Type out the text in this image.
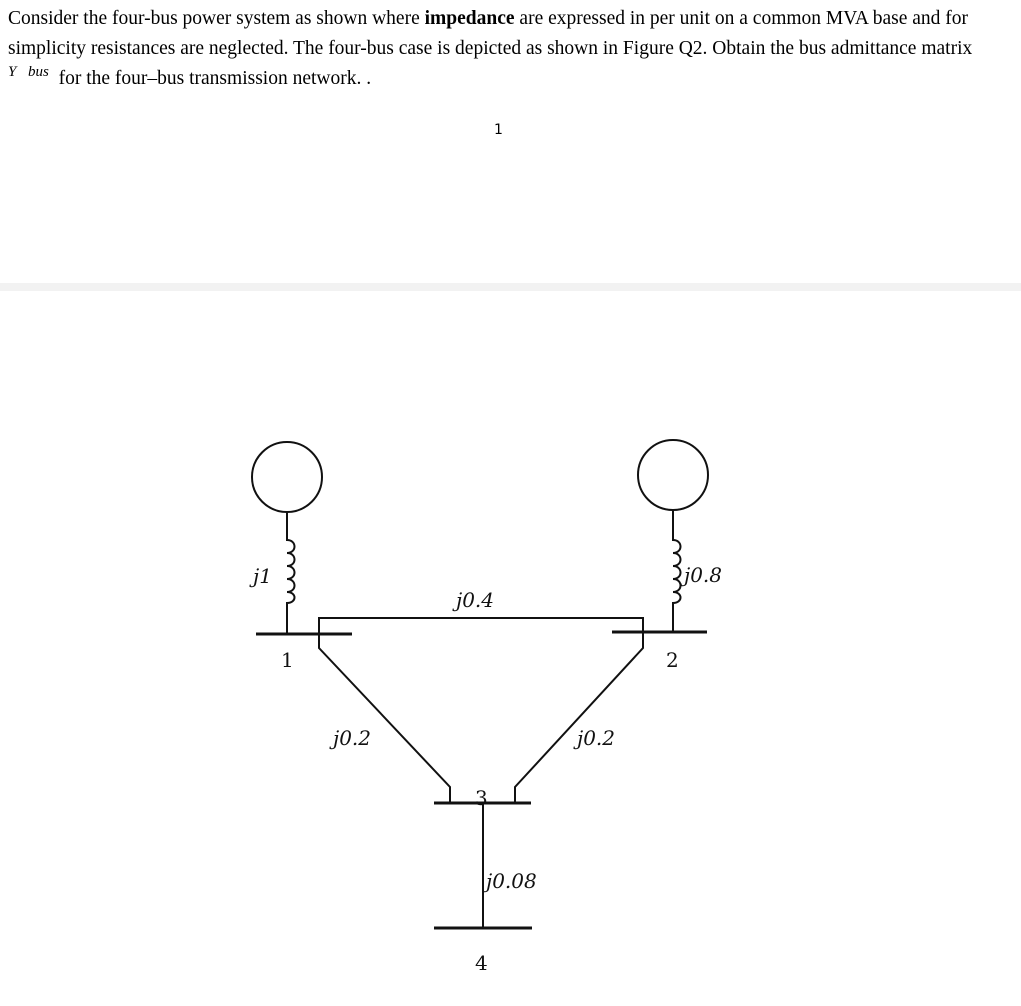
Consider the four-bus power system as shown where impedance are expressed in per unit on a common MVA base and for simplicity resistances are neglected. The four-bus case is depicted as shown in Figure Q2. Obtain the bus admittance matrix $^{Y⃗bus}$  for the four–bus transmission network. .

1
1	2
3
4
j1	j0.8
j0.4
j0.2	j0.2
j0.08
